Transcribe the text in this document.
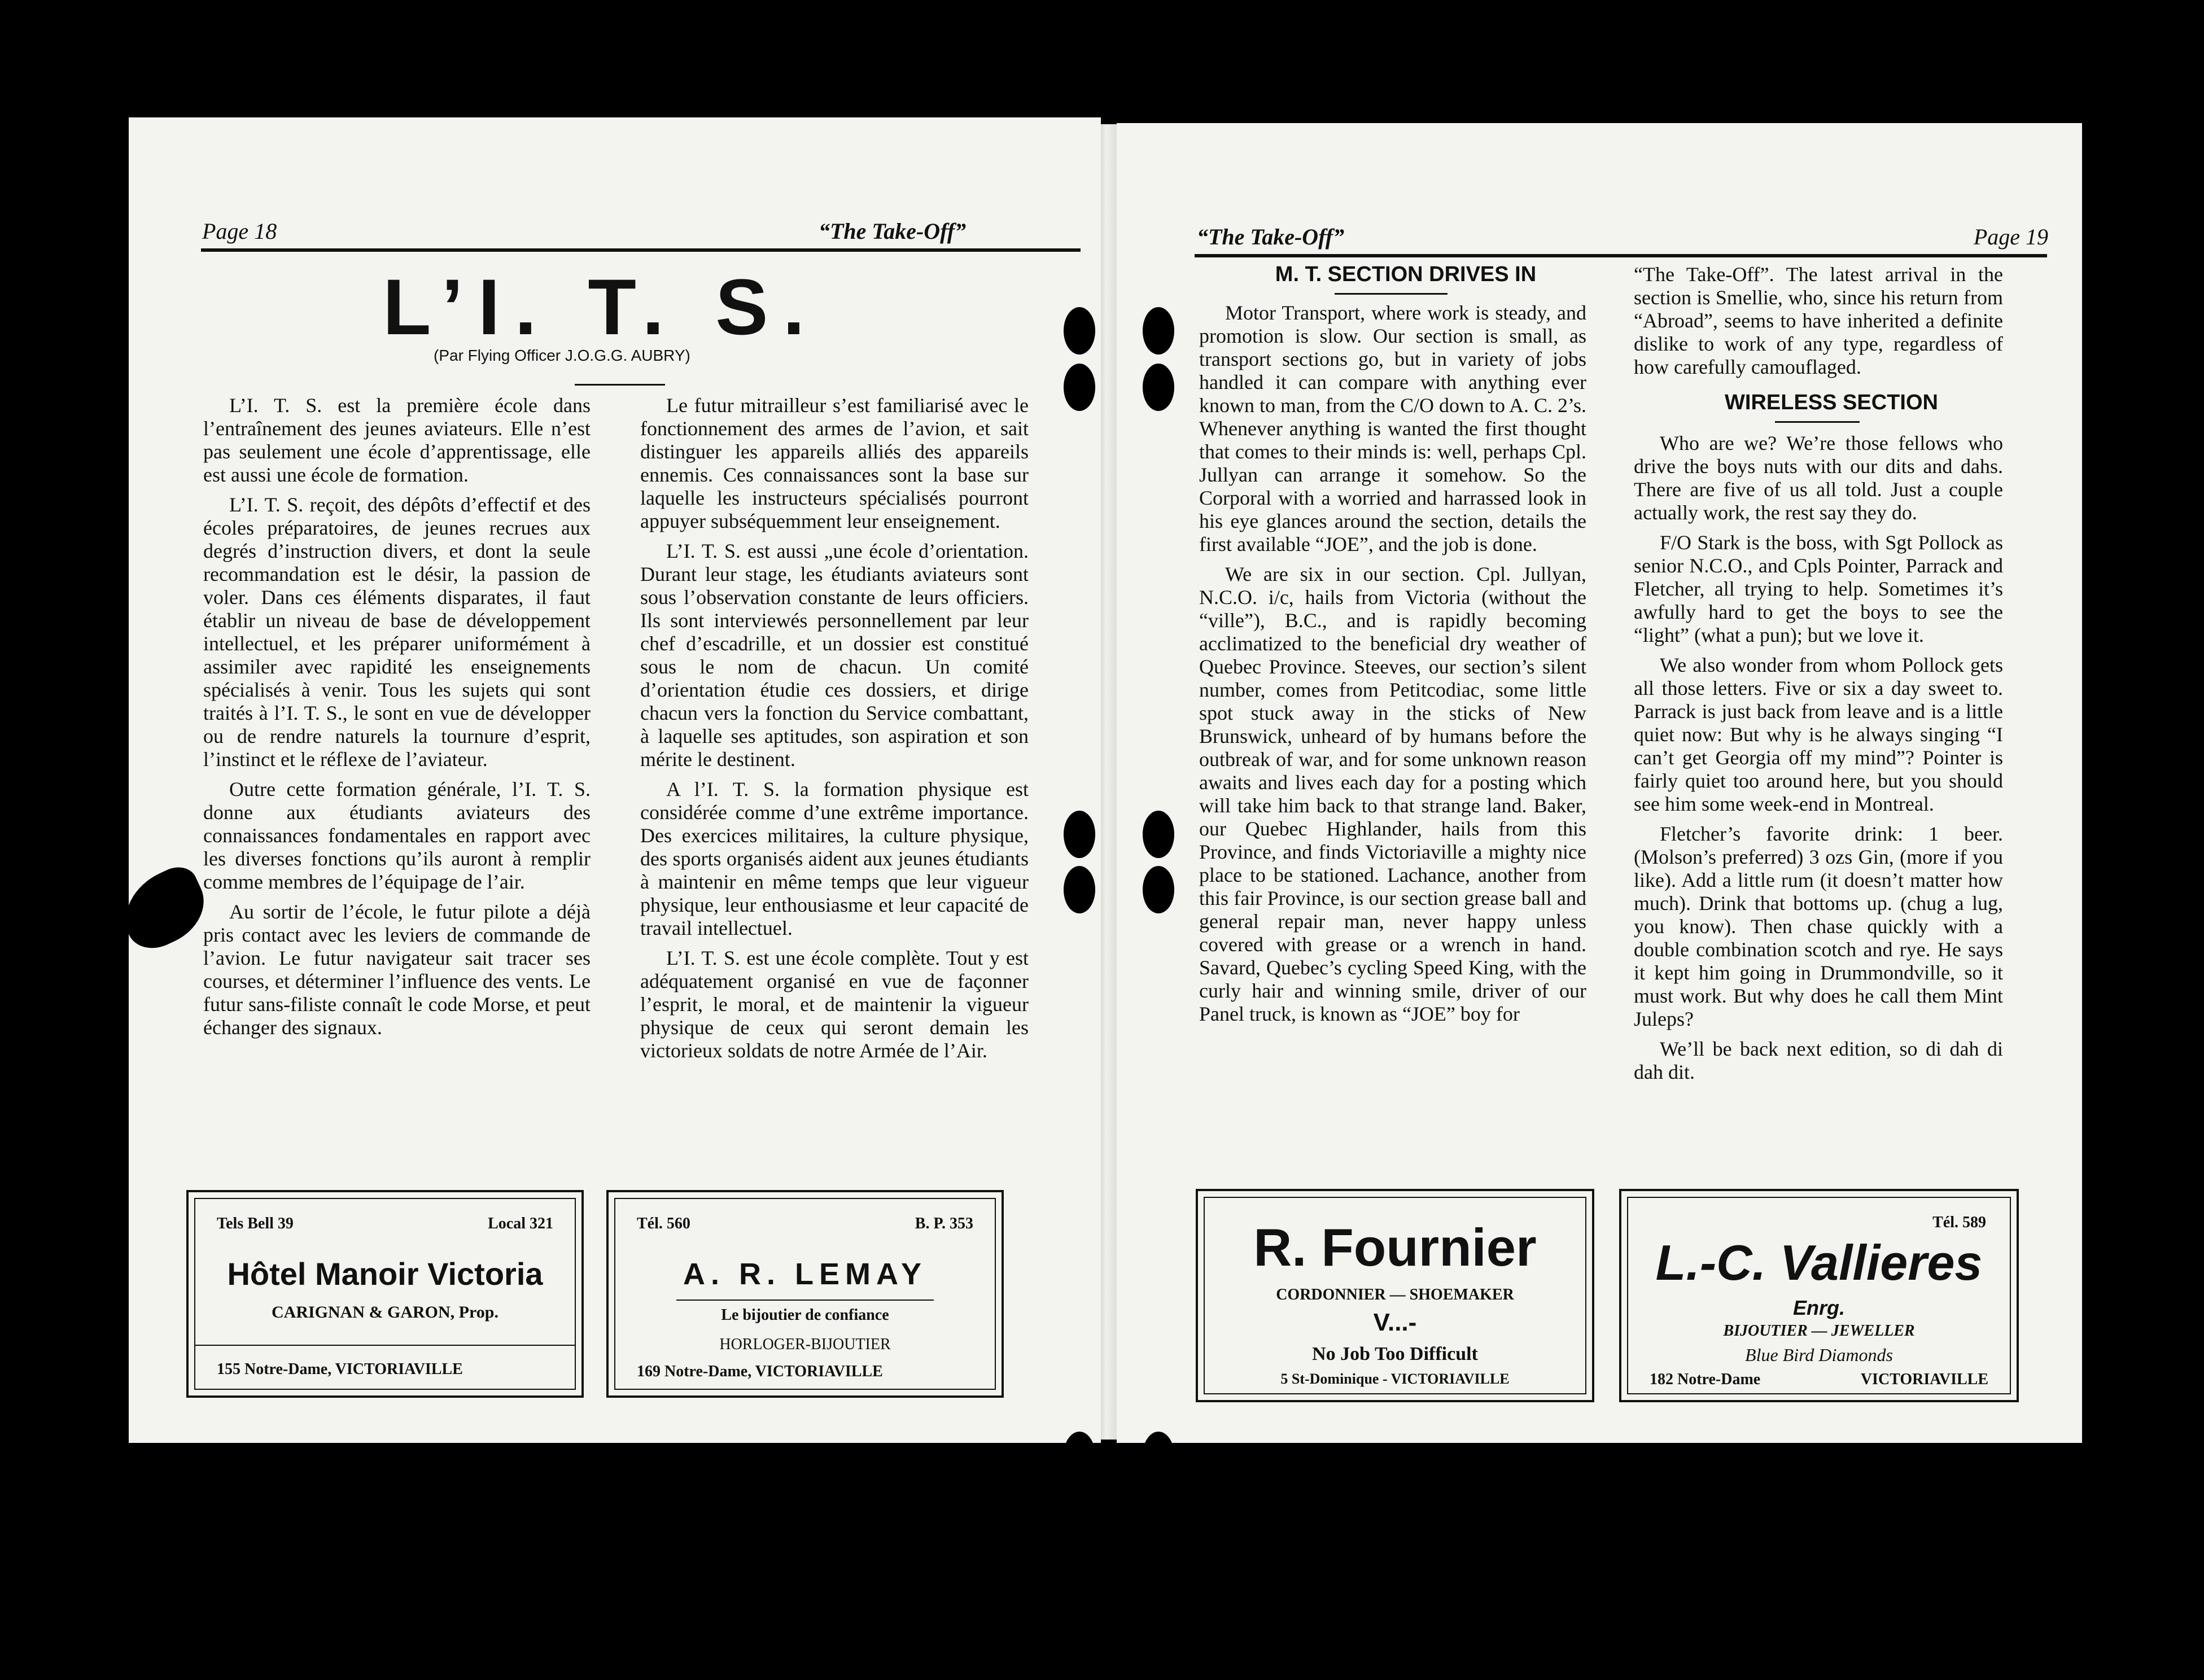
Page 18	“The Take-Off”
L’I. T. S.
(Par Flying Officer J.O.G.G. AUBRY)

L’I. T. S. est la première école dans l’entraînement des jeunes aviateurs. Elle n’est pas seulement une école d’apprentissage, elle est aussi une école de formation.

L’I. T. S. reçoit, des dépôts d’effectif et des écoles préparatoires, de jeunes recrues aux degrés d’instruction divers, et dont la seule recommandation est le désir, la passion de voler. Dans ces éléments disparates, il faut établir un niveau de base de développement intellectuel, et les préparer uniformément à assimiler avec rapidité les enseignements spécialisés à venir. Tous les sujets qui sont traités à l’I. T. S., le sont en vue de développer ou de rendre naturels la tournure d’esprit, l’instinct et le réflexe de l’aviateur.

Outre cette formation générale, l’I. T. S. donne aux étudiants aviateurs des connaissances fondamentales en rapport avec les diverses fonctions qu’ils auront à remplir comme membres de l’équipage de l’air.

Au sortir de l’école, le futur pilote a déjà pris contact avec les leviers de commande de l’avion. Le futur navigateur sait tracer ses courses, et déterminer l’influence des vents. Le futur sans-filiste connaît le code Morse, et peut échanger des signaux.

Le futur mitrailleur s’est familiarisé avec le fonctionnement des armes de l’avion, et sait distinguer les appareils alliés des appareils ennemis. Ces connaissances sont la base sur laquelle les instructeurs spécialisés pourront appuyer subséquemment leur enseignement.

L’I. T. S. est aussi „une école d’orientation. Durant leur stage, les étudiants aviateurs sont sous l’observation constante de leurs officiers. Ils sont interviewés personnellement par leur chef d’escadrille, et un dossier est constitué sous le nom de chacun. Un comité d’orientation étudie ces dossiers, et dirige chacun vers la fonction du Service combattant, à laquelle ses aptitudes, son aspiration et son mérite le destinent.

A l’I. T. S. la formation physique est considérée comme d’une extrême importance. Des exercices militaires, la culture physique, des sports organisés aident aux jeunes étudiants à maintenir en même temps que leur vigueur physique, leur enthousiasme et leur capacité de travail intellectuel.

L’I. T. S. est une école complète. Tout y est adéquatement organisé en vue de façonner l’esprit, le moral, et de maintenir la vigueur physique de ceux qui seront demain les victorieux soldats de notre Armée de l’Air.

Tels Bell 39	Local 321
Hôtel Manoir Victoria
CARIGNAN & GARON, Prop.
155 Notre-Dame, VICTORIAVILLE
Tél. 560	B. P. 353
A. R. LEMAY
Le bijoutier de confiance
HORLOGER-BIJOUTIER
169 Notre-Dame, VICTORIAVILLE
“The Take-Off”	Page 19

M. T. SECTION DRIVES IN

Motor Transport, where work is steady, and promotion is slow. Our section is small, as transport sections go, but in variety of jobs handled it can compare with anything ever known to man, from the C/O down to A. C. 2’s. Whenever anything is wanted the first thought that comes to their minds is: well, perhaps Cpl. Jullyan can arrange it somehow. So the Corporal with a worried and harrassed look in his eye glances around the section, details the first available “JOE”, and the job is done.

We are six in our section. Cpl. Jullyan, N.C.O. i/c, hails from Victoria (without the “ville”), B.C., and is rapidly becoming acclimatized to the beneficial dry weather of Quebec Province. Steeves, our section’s silent number, comes from Petitcodiac, some little spot stuck away in the sticks of New Brunswick, unheard of by humans before the outbreak of war, and for some unknown reason awaits and lives each day for a posting which will take him back to that strange land. Baker, our Quebec Highlander, hails from this Province, and finds Victoriaville a mighty nice place to be stationed. Lachance, another from this fair Province, is our section grease ball and general repair man, never happy unless covered with grease or a wrench in hand. Savard, Quebec’s cycling Speed King, with the curly hair and winning smile, driver of our Panel truck, is known as “JOE” boy for

“The Take-Off”. The latest arrival in the section is Smellie, who, since his return from “Abroad”, seems to have inherited a definite dislike to work of any type, regardless of how carefully camouflaged.

WIRELESS SECTION

Who are we? We’re those fellows who drive the boys nuts with our dits and dahs. There are five of us all told. Just a couple actually work, the rest say they do.

F/O Stark is the boss, with Sgt Pollock as senior N.C.O., and Cpls Pointer, Parrack and Fletcher, all trying to help. Sometimes it’s awfully hard to get the boys to see the “light” (what a pun); but we love it.

We also wonder from whom Pollock gets all those letters. Five or six a day sweet to. Parrack is just back from leave and is a little quiet now: But why is he always singing “I can’t get Georgia off my mind”? Pointer is fairly quiet too around here, but you should see him some week-end in Montreal.

Fletcher’s favorite drink: 1 beer. (Molson’s preferred) 3 ozs Gin, (more if you like). Add a little rum (it doesn’t matter how much). Drink that bottoms up. (chug a lug, you know). Then chase quickly with a double combination scotch and rye. He says it kept him going in Drummondville, so it must work. But why does he call them Mint Juleps?

We’ll be back next edition, so di dah di dah dit.

R. Fournier
CORDONNIER — SHOEMAKER
V...-
No Job Too Difficult
5 St-Dominique - VICTORIAVILLE
Tél. 589
L.-C. Vallieres
Enrg.
BIJOUTIER — JEWELLER
Blue Bird Diamonds
182 Notre-Dame	VICTORIAVILLE
